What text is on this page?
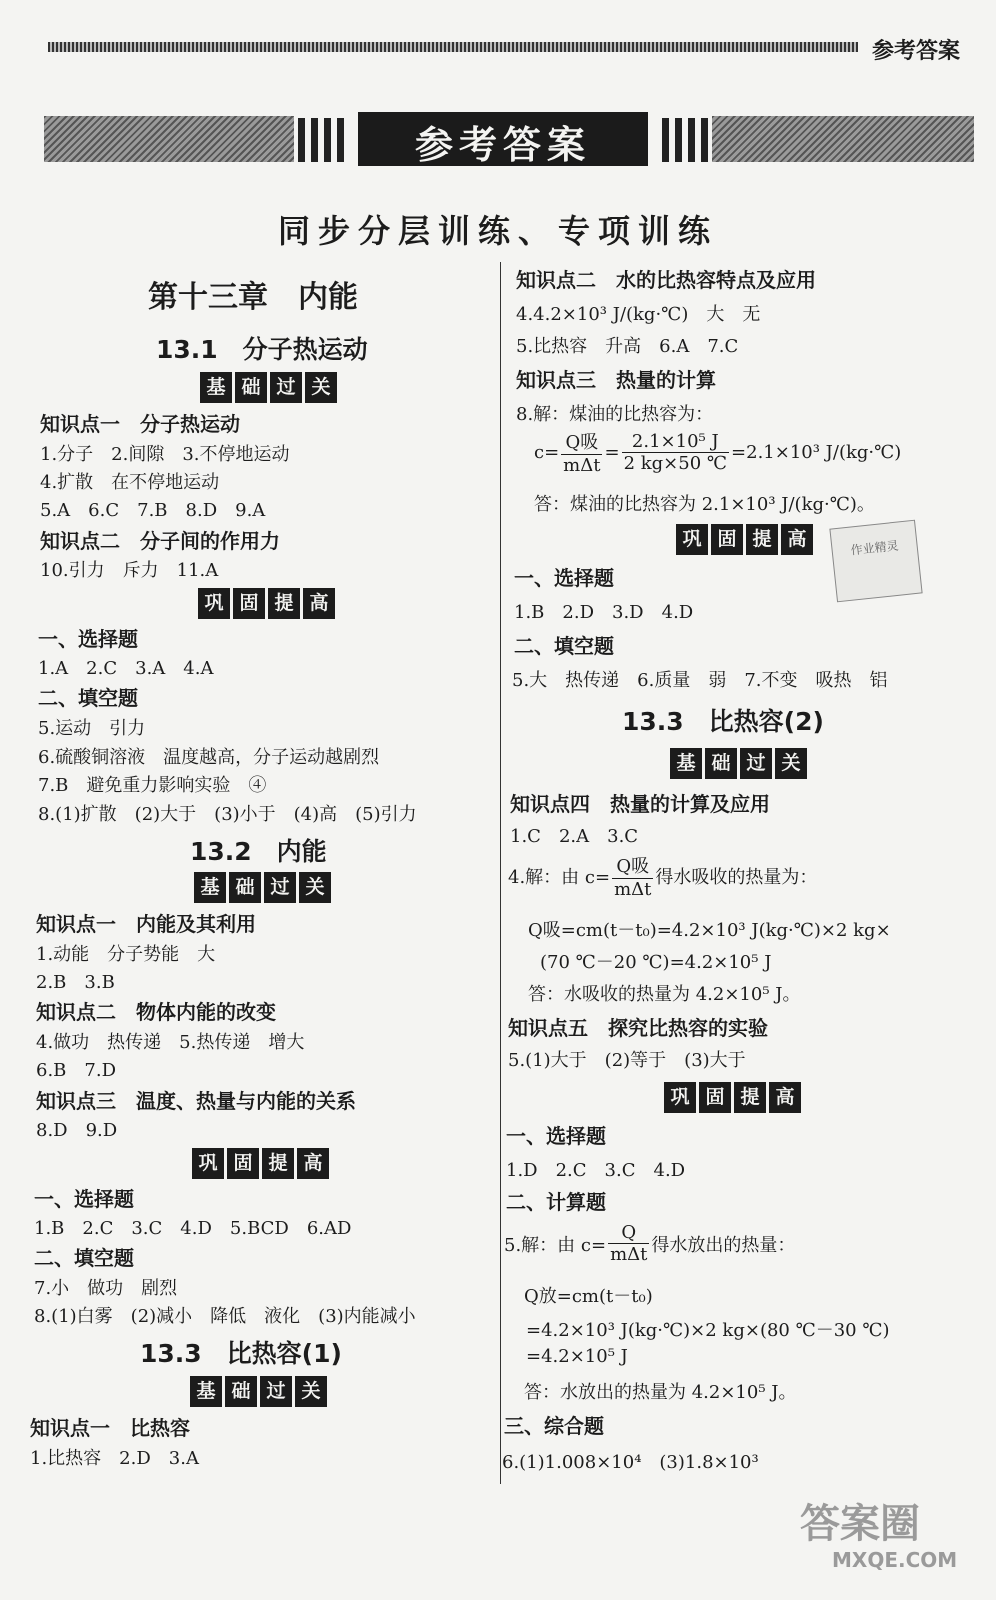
参考答案
参考答案
同步分层训练、专项训练
第十三章　内能
13.1　分子热运动
基 础 过 关
知识点一　分子热运动
1.分子　2.间隙　3.不停地运动
4.扩散　在不停地运动
5.A　6.C　7.B　8.D　9.A
知识点二　分子间的作用力
10.引力　斥力　11.A
巩 固 提 高
一、选择题
1.A　2.C　3.A　4.A
二、填空题
5.运动　引力
6.硫酸铜溶液　温度越高，分子运动越剧烈
7.B　避免重力影响实验　④
8.(1)扩散　(2)大于　(3)小于　(4)高　(5)引力
13.2　内能
基 础 过 关
知识点一　内能及其利用
1.动能　分子势能　大
2.B　3.B
知识点二　物体内能的改变
4.做功　热传递　5.热传递　增大
6.B　7.D
知识点三　温度、热量与内能的关系
8.D　9.D
巩 固 提 高
一、选择题
1.B　2.C　3.C　4.D　5.BCD　6.AD
二、填空题
7.小　做功　剧烈
8.(1)白雾　(2)减小　降低　液化　(3)内能减小
13.3　比热容(1)
基 础 过 关
知识点一　比热容
1.比热容　2.D　3.A
知识点二　水的比热容特点及应用
4.4.2×10³ J/(kg·℃)　大　无
5.比热容　升高　6.A　7.C
知识点三　热量的计算
8.解：煤油的比热容为：
$c= \frac{\text{Q吸}}{\text{mΔt}} = \frac{\text{2.1×10⁵ J}}{2 kg\times 50 ℃} =2.1\times 10^3$ J/(kg·℃)
答：煤油的比热容为 2.1×10³ J/(kg·℃)。
巩 固 提 高	作业精灵
一、选择题
1.B　2.D　3.D　4.D
二、填空题
5.大　热传递　6.质量　弱　7.不变　吸热　铝
13.3　比热容(2)
基 础 过 关
知识点四　热量的计算及应用
1.C　2.A　3.C
4.解：由 $c= \frac{\text{Q吸}}{\text{mΔt}}$ 得水吸收的热量为：
Q吸=cm(t－t₀)=4.2×10³ J(kg·℃)×2 kg×
(70 ℃－20 ℃)=4.2×10⁵ J
答：水吸收的热量为 4.2×10⁵ J。
知识点五　探究比热容的实验
5.(1)大于　(2)等于　(3)大于
巩 固 提 高
一、选择题
1.D　2.C　3.C　4.D
二、计算题
5.解：由 $c= \frac{Q}{\text{mΔt}}$ 得水放出的热量：
Q放=cm(t－t₀)
=4.2×10³ J(kg·℃)×2 kg×(80 ℃－30 ℃)
=4.2×10⁵ J
答：水放出的热量为 4.2×10⁵ J。
三、综合题
6.(1)1.008×10⁴　(3)1.8×10³
答案圈
MXQE.COM
